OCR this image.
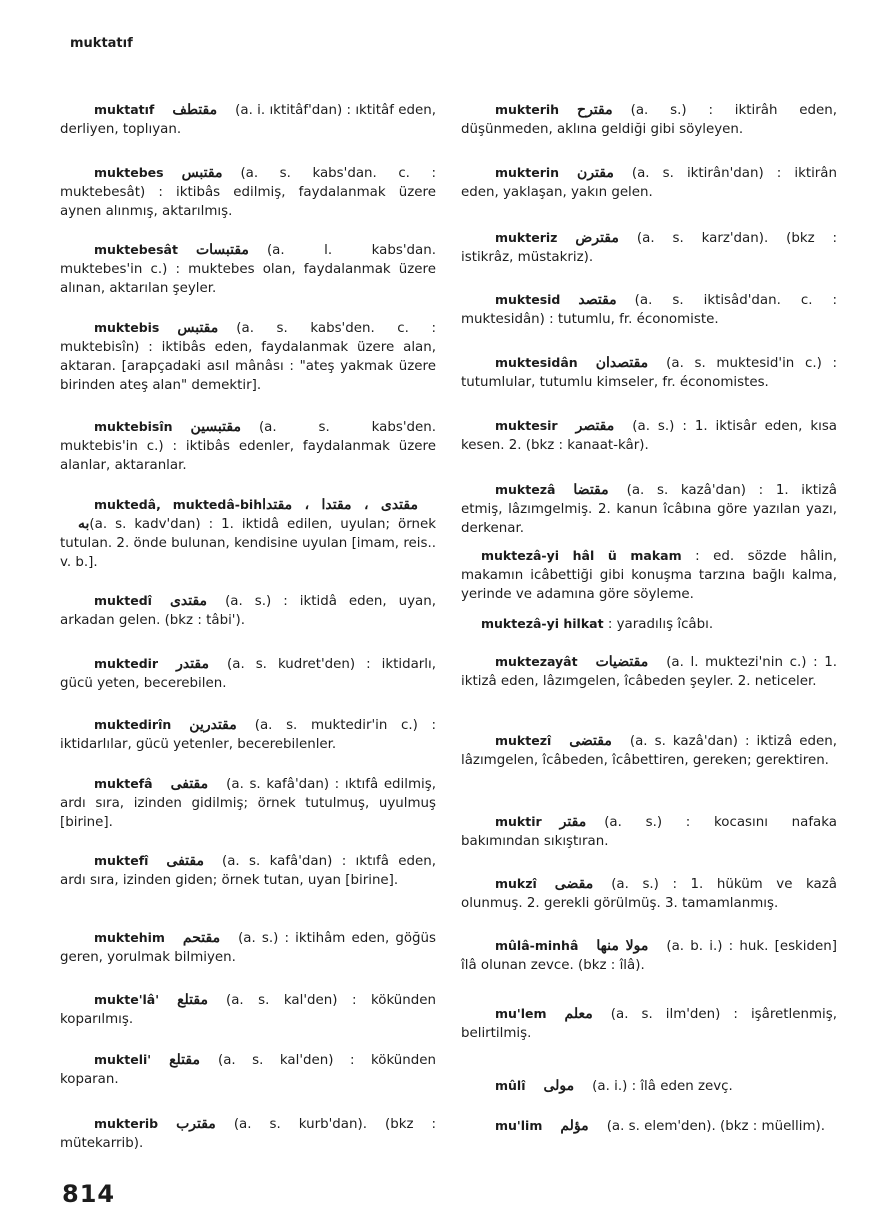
muktatıf
muktatıf مقتطف (a. i. ıktitâf'dan) : ıktitâf eden, derliyen, toplıyan.
muktebes مقتبس (a. s. kabs'dan. c. : muktebesât) : iktibâs edilmiş, faydalanmak üzere aynen alınmış, aktarılmış.
muktebesât مقتبسات (a. l. kabs'dan. muktebes'in c.) : muktebes olan, faydalanmak üzere alınan, aktarılan şeyler.
muktebis مقتبس (a. s. kabs'den. c. : muktebisîn) : iktibâs eden, faydalanmak üzere alan, aktaran. [arapçadaki asıl mânâsı : "ateş yakmak üzere birinden ateş alan" demektir].
muktebisîn مقتبسين (a. s. kabs'den. muktebis'in c.) : iktibâs edenler, faydalanmak üzere alanlar, aktaranlar.
muktedâ, muktedâ-bihمقتدى ، مقتدا ، مقتدا به(a. s. kadv'dan) : 1. iktidâ edilen, uyulan; örnek tutulan. 2. önde bulunan, kendisine uyulan [imam, reis.. v. b.].
muktedî مقتدى (a. s.) : iktidâ eden, uyan, arkadan gelen. (bkz : tâbi').
muktedir مقتدر (a. s. kudret'den) : iktidarlı, gücü yeten, becerebilen.
muktedirîn مقتدرين (a. s. muktedir'in c.) : iktidarlılar, gücü yetenler, becerebilenler.
muktefâ مقتفى (a. s. kafâ'dan) : ıktıfâ edilmiş, ardı sıra, izinden gidilmiş; örnek tutulmuş, uyulmuş [birine].
muktefî مقتفى (a. s. kafâ'dan) : ıktıfâ eden, ardı sıra, izinden giden; örnek tutan, uyan [birine].
muktehim مقتحم (a. s.) : iktihâm eden, göğüs geren, yorulmak bilmiyen.
mukte'lâ' مقتلع (a. s. kal'den) : kökünden koparılmış.
mukteli' مقتلع (a. s. kal'den) : kökünden koparan.
mukterib مقترب (a. s. kurb'dan). (bkz : mütekarrib).
mukterih مقترح (a. s.) : iktirâh eden, düşünmeden, aklına geldiği gibi söyleyen.
mukterin مقترن (a. s. iktirân'dan) : iktirân eden, yaklaşan, yakın gelen.
mukteriz مقترض (a. s. karz'dan). (bkz : istikrâz, müstakriz).
muktesid مقتصد (a. s. iktisâd'dan. c. : muktesidân) : tutumlu, fr. économiste.
muktesidân مقتصدان (a. s. muktesid'in c.) : tutumlular, tutumlu kimseler, fr. économistes.
muktesir مقتصر (a. s.) : 1. iktisâr eden, kısa kesen. 2. (bkz : kanaat-kâr).
muktezâ مقتضا (a. s. kazâ'dan) : 1. iktizâ etmiş, lâzımgelmiş. 2. kanun îcâbına göre yazılan yazı, derkenar.
muktezâ-yi hâl ü makam : ed. sözde hâlin, makamın icâbettiği gibi konuşma tarzına bağlı kalma, yerinde ve adamına göre söyleme.
muktezâ-yi hilkat : yaradılış îcâbı.
muktezayât مقتضيات (a. l. muktezi'nin c.) : 1. iktizâ eden, lâzımgelen, îcâbeden şeyler. 2. neticeler.
muktezî مقتضى (a. s. kazâ'dan) : iktizâ eden, lâzımgelen, îcâbeden, îcâbettiren, gereken; gerektiren.
muktir مقتر (a. s.) : kocasını nafaka bakımından sıkıştıran.
mukzî مقضى (a. s.) : 1. hüküm ve kazâ olunmuş. 2. gerekli görülmüş. 3. tamamlanmış.
mûlâ-minhâ مولا منها (a. b. i.) : huk. [eskiden] îlâ olunan zevce. (bkz : îlâ).
mu'lem معلم (a. s. ilm'den) : işâretlenmiş, belirtilmiş.
mûlî مولى (a. i.) : îlâ eden zevç.
mu'lim مؤلم (a. s. elem'den). (bkz : müellim).
814
